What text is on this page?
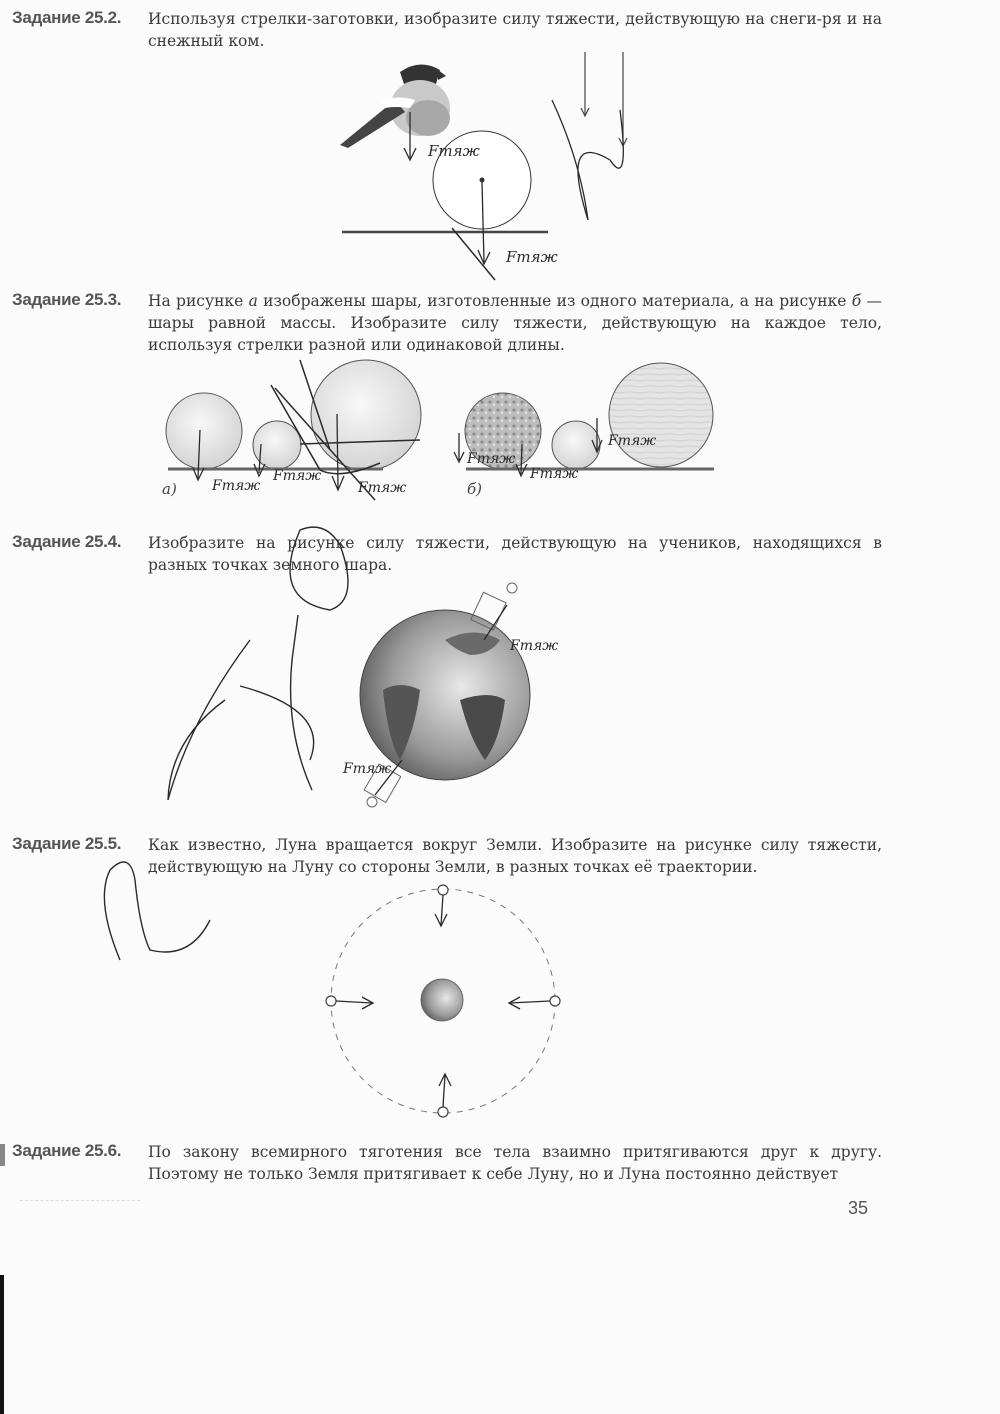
Задание 25.2. Используя стрелки-заготовки, изобразите силу тяжести, действующую на снеги-ря и на снежный ком.
Задание 25.3. На рисунке а изображены шары, изготовленные из одного материала, а на рисунке б — шары равной массы. Изобразите силу тяжести, действующую на каждое тело, используя стрелки разной или одинаковой длины.
Задание 25.4. Изобразите на рисунке силу тяжести, действующую на учеников, находящихся в разных точках земного шара.
Задание 25.5. Как известно, Луна вращается вокруг Земли. Изобразите на рисунке силу тяжести, действующую на Луну со стороны Земли, в разных точках её траектории.
Задание 25.6. По закону всемирного тяготения все тела взаимно притягиваются друг к другу. Поэтому не только Земля притягивает к себе Луну, но и Луна постоянно действует
35
Fтяж
Fтяж
а)	б)
Fтяж
Fтяж
Fтяж
Fтяж
Fтяж
Fтяж
Fтяж
Fтяж
